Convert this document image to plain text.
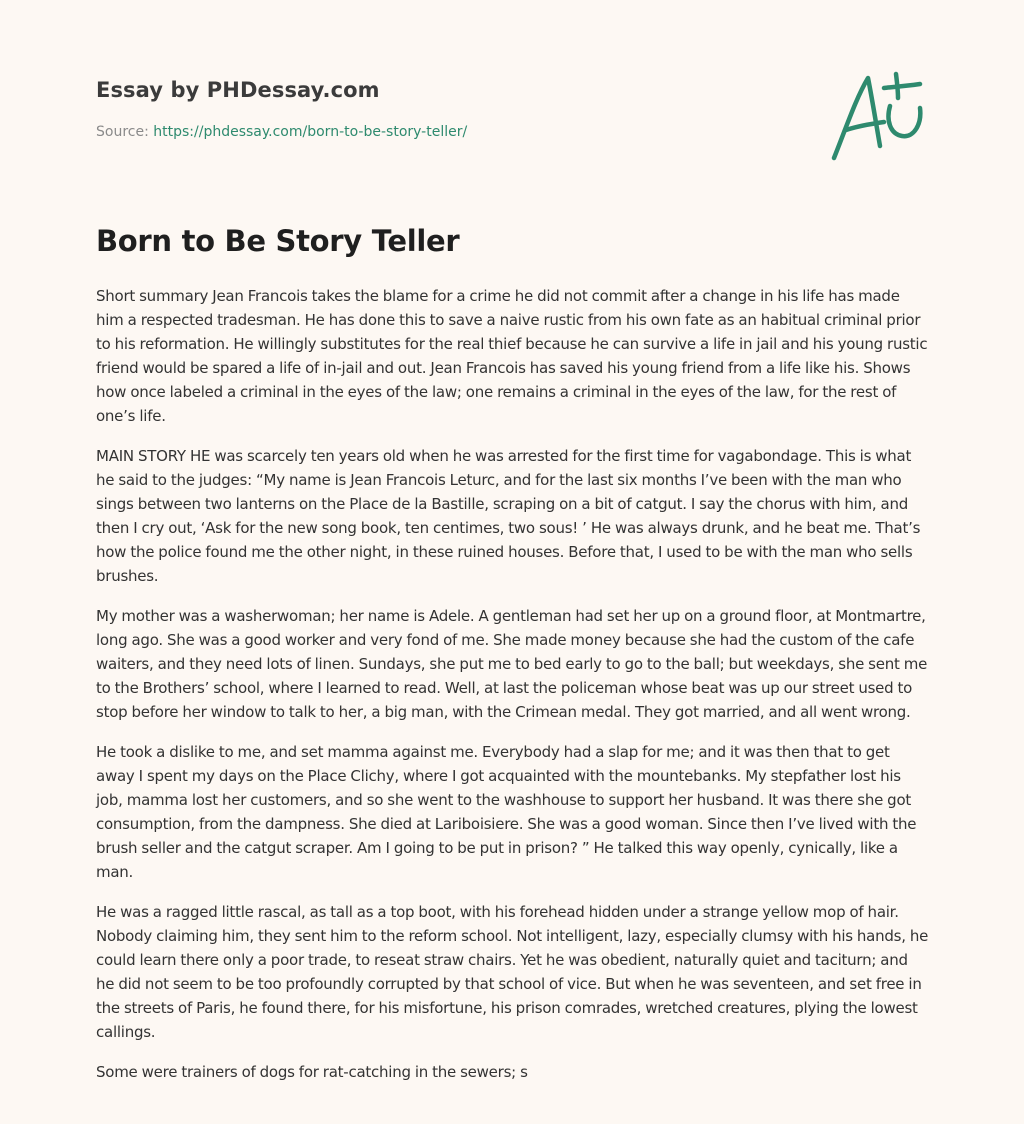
Essay by PHDessay.com
Source: https://phdessay.com/born-to-be-story-teller/
Born to Be Story Teller

Short summary Jean Francois takes the blame for a crime he did not commit after a change in his life has made him a respected tradesman. He has done this to save a naive rustic from his own fate as an habitual criminal prior to his reformation. He willingly substitutes for the real thief because he can survive a life in jail and his young rustic friend would be spared a life of in-jail and out. Jean Francois has saved his young friend from a life like his. Shows how once labeled a criminal in the eyes of the law; one remains a criminal in the eyes of the law, for the rest of one’s life.

MAIN STORY HE was scarcely ten years old when he was arrested for the first time for vagabondage. This is what he said to the judges: “My name is Jean Francois Leturc, and for the last six months I’ve been with the man who sings between two lanterns on the Place de la Bastille, scraping on a bit of catgut. I say the chorus with him, and then I cry out, ‘Ask for the new song book, ten centimes, two sous! ’ He was always drunk, and he beat me. That’s how the police found me the other night, in these ruined houses. Before that, I used to be with the man who sells brushes.

My mother was a washerwoman; her name is Adele. A gentleman had set her up on a ground floor, at Montmartre, long ago. She was a good worker and very fond of me. She made money because she had the custom of the cafe waiters, and they need lots of linen. Sundays, she put me to bed early to go to the ball; but weekdays, she sent me to the Brothers’ school, where I learned to read. Well, at last the policeman whose beat was up our street used to stop before her window to talk to her, a big man, with the Crimean medal. They got married, and all went wrong.

He took a dislike to me, and set mamma against me. Everybody had a slap for me; and it was then that to get away I spent my days on the Place Clichy, where I got acquainted with the mountebanks. My stepfather lost his job, mamma lost her customers, and so she went to the washhouse to support her husband. It was there she got consumption, from the dampness. She died at Lariboisiere. She was a good woman. Since then I’ve lived with the brush seller and the catgut scraper. Am I going to be put in prison? ” He talked this way openly, cynically, like a man.

He was a ragged little rascal, as tall as a top boot, with his forehead hidden under a strange yellow mop of hair. Nobody claiming him, they sent him to the reform school. Not intelligent, lazy, especially clumsy with his hands, he could learn there only a poor trade, to reseat straw chairs. Yet he was obedient, naturally quiet and taciturn; and he did not seem to be too profoundly corrupted by that school of vice. But when he was seventeen, and set free in the streets of Paris, he found there, for his misfortune, his prison comrades, wretched creatures, plying the lowest callings.

Some were trainers of dogs for rat-catching in the sewers; s
